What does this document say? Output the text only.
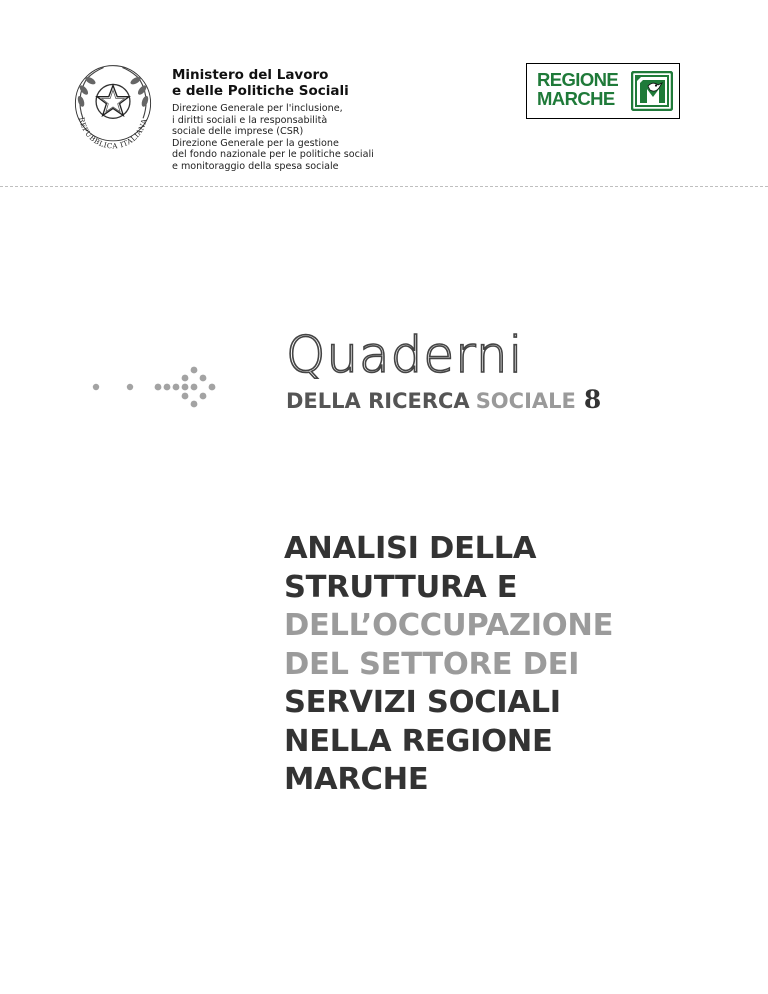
REPUBBLICA ITALIANA
Ministero del Lavoro
e delle Politiche Sociali
Direzione Generale per l'inclusione,
i diritti sociali e la responsabilità
sociale delle imprese (CSR)
Direzione Generale per la gestione
del fondo nazionale per le politiche sociali
e monitoraggio della spesa sociale
REGIONE
MARCHE
Quaderni
DELLA RICERCA SOCIALE 8
ANALISI DELLA
STRUTTURA E
DELL’OCCUPAZIONE
DEL SETTORE DEI
SERVIZI SOCIALI
NELLA REGIONE
MARCHE
